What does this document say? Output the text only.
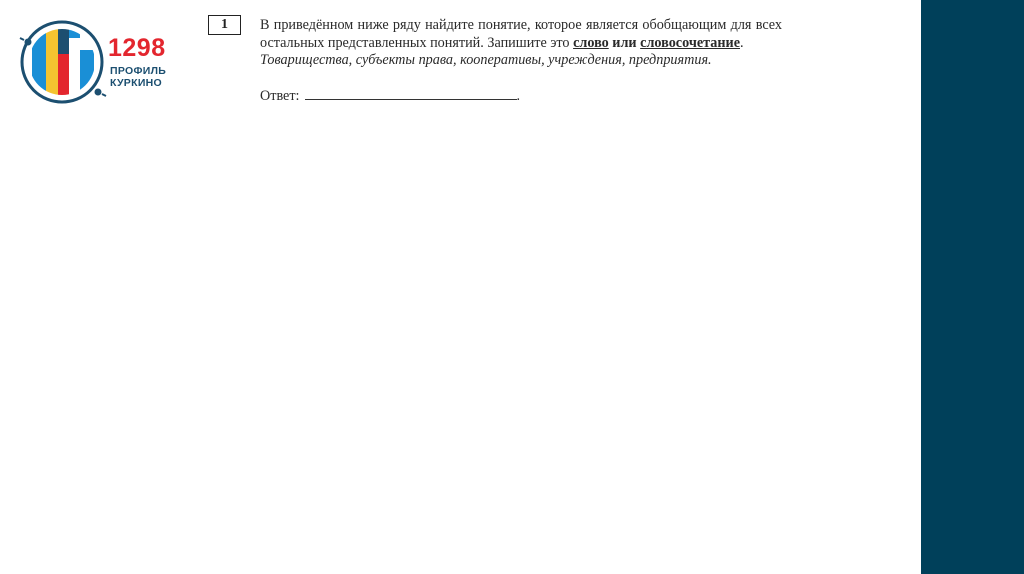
1298
ПРОФИЛЬ
КУРКИНО
1	В приведённом ниже ряду найдите понятие, которое является обобщающим для всех остальных представленных понятий. Запишите это слово или словосочетание.

Товарищества, субъекты права, кооперативы, учреждения, предприятия.

Ответ:	.
